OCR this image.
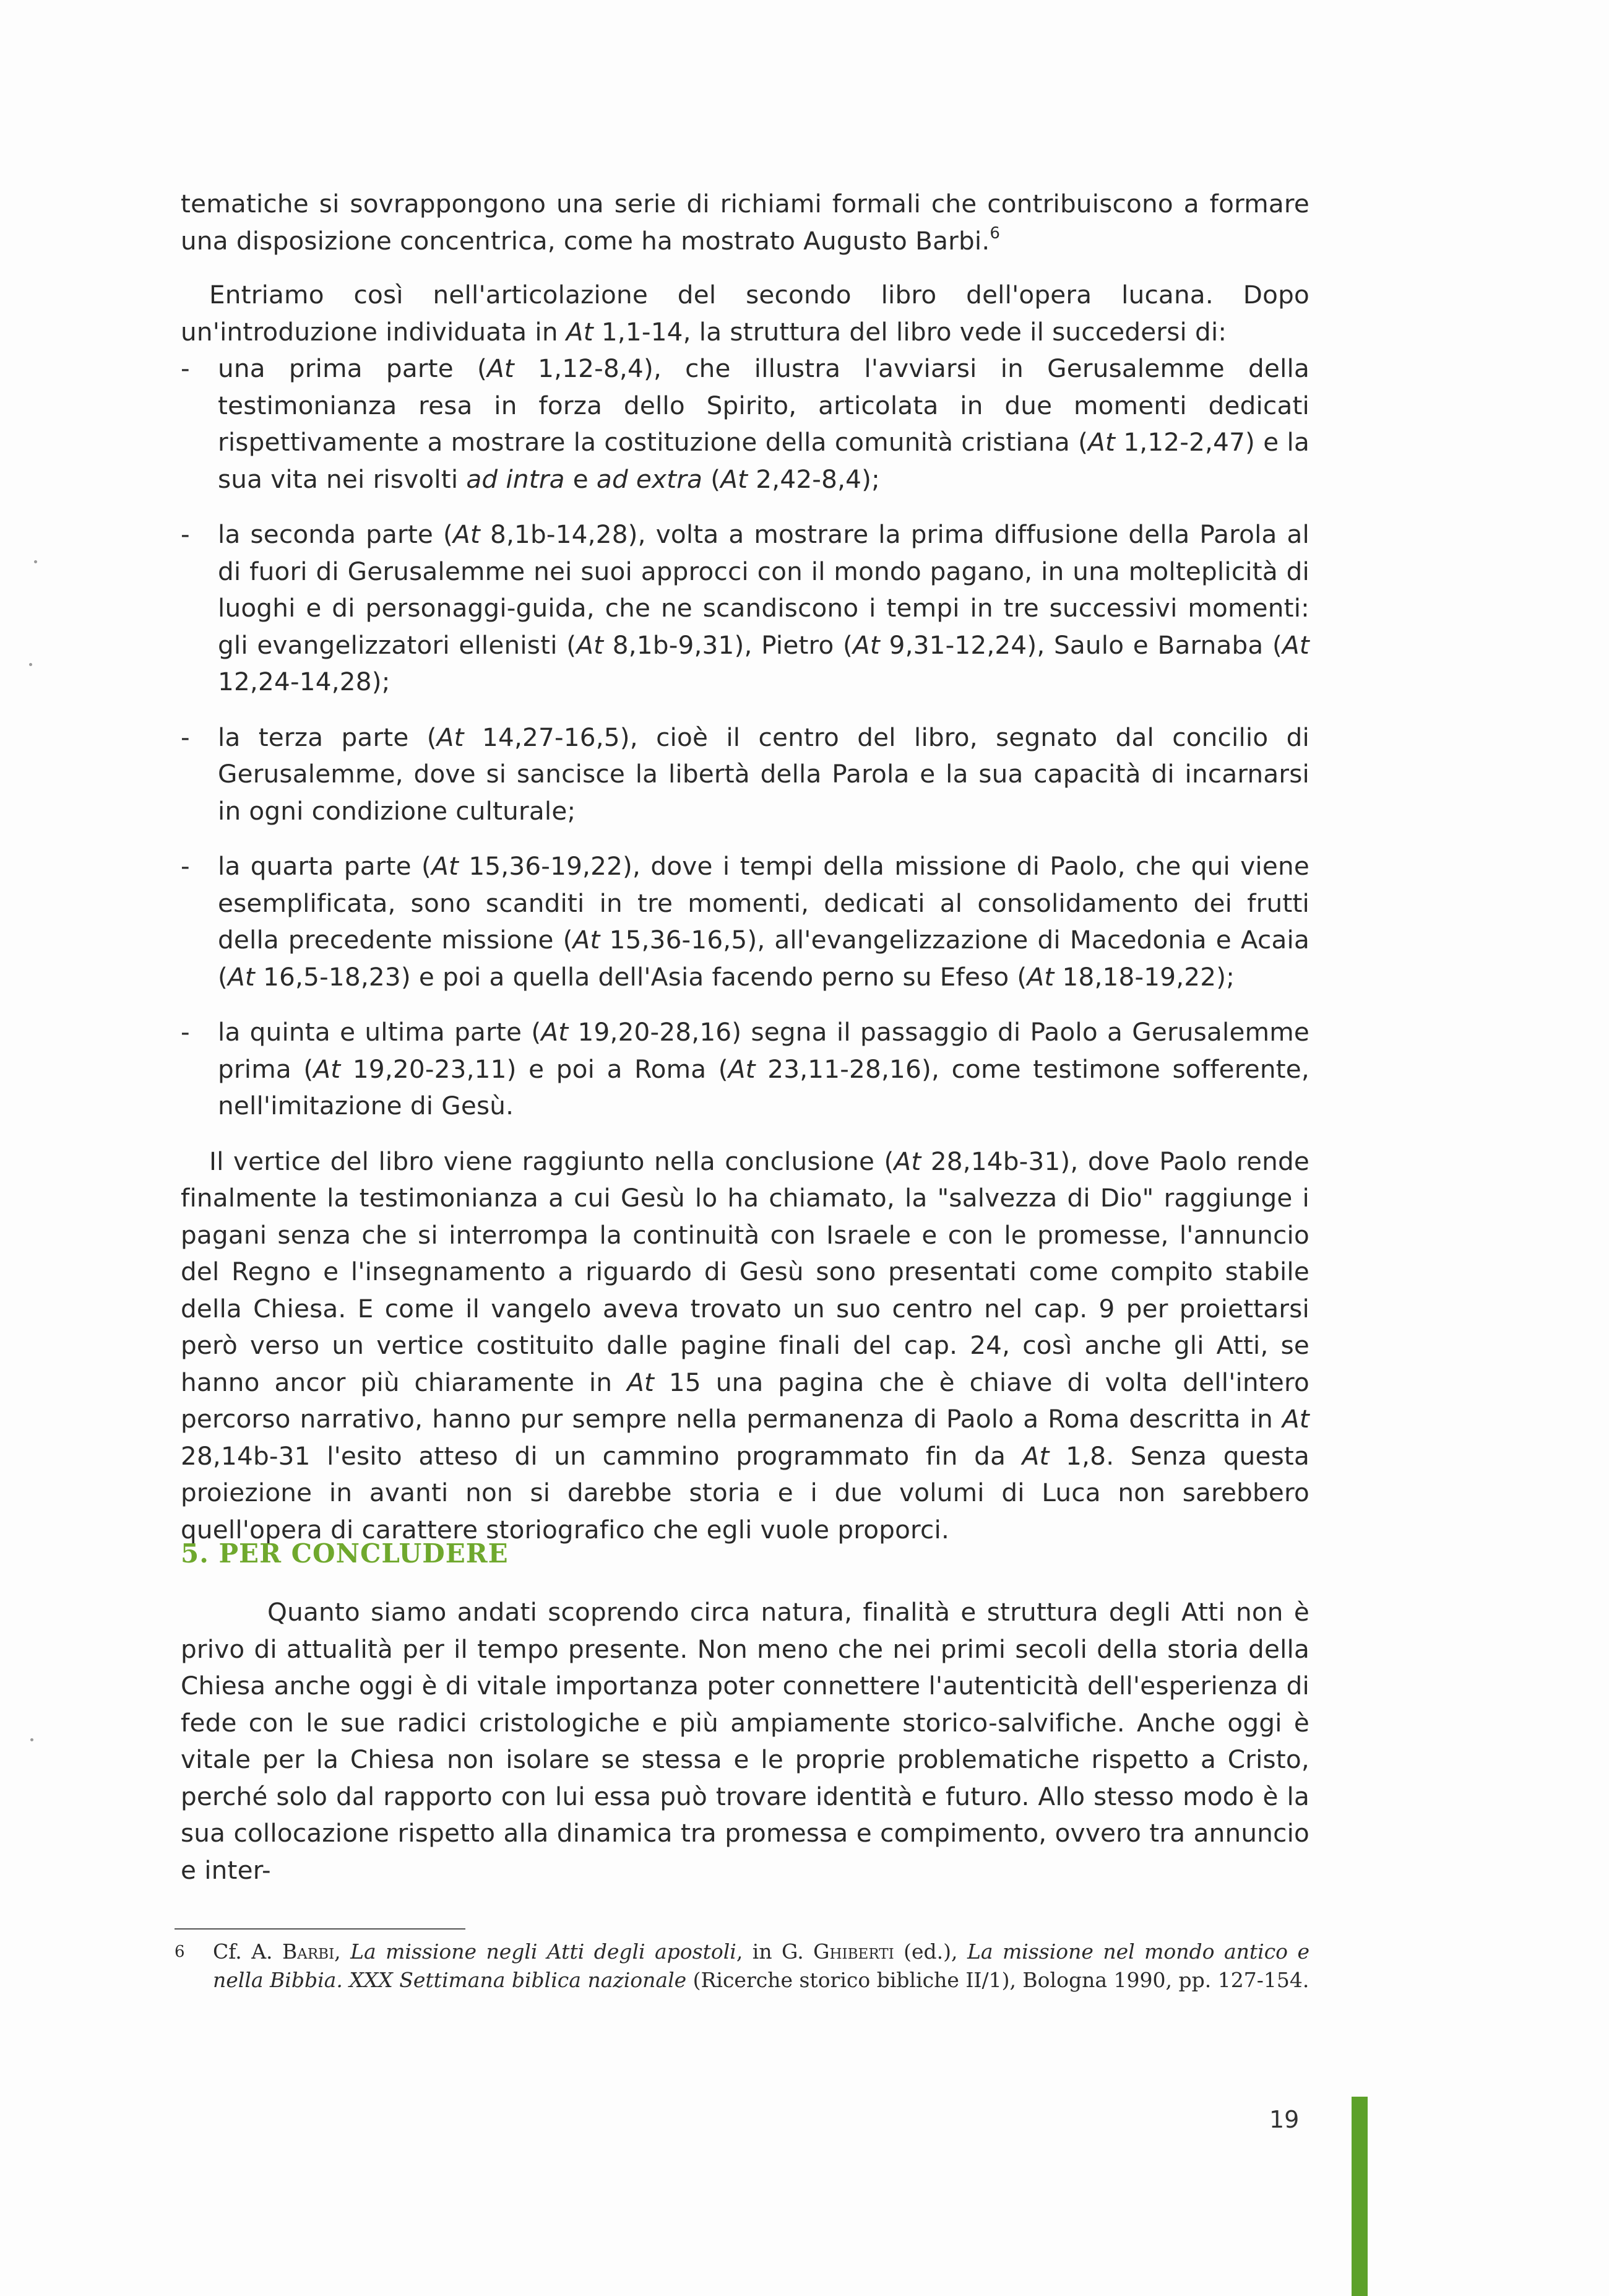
tematiche si sovrappongono una serie di richiami formali che contribuiscono a formare una disposizione concentrica, come ha mostrato Augusto Barbi.$^6$

Entriamo così nell'articolazione del secondo libro dell'opera lucana. Dopo un'introduzione individuata in At 1,1-14, la struttura del libro vede il succedersi di:

- una prima parte (At 1,12-8,4), che illustra l'avviarsi in Gerusalemme della testimonianza resa in forza dello Spirito, articolata in due momenti dedicati rispettivamente a mostrare la costituzione della comunità cristiana (At 1,12-2,47) e la sua vita nei risvolti ad intra e ad extra (At 2,42-8,4);
- la seconda parte (At 8,1b-14,28), volta a mostrare la prima diffusione della Parola al di fuori di Gerusalemme nei suoi approcci con il mondo pagano, in una molteplicità di luoghi e di personaggi-guida, che ne scandiscono i tempi in tre successivi momenti: gli evangelizzatori ellenisti (At 8,1b-9,31), Pietro (At 9,31-12,24), Saulo e Barnaba (At 12,24-14,28);
- la terza parte (At 14,27-16,5), cioè il centro del libro, segnato dal concilio di Gerusalemme, dove si sancisce la libertà della Parola e la sua capacità di incarnarsi in ogni condizione culturale;
- la quarta parte (At 15,36-19,22), dove i tempi della missione di Paolo, che qui viene esemplificata, sono scanditi in tre momenti, dedicati al consolidamento dei frutti della precedente missione (At 15,36-16,5), all'evangelizzazione di Macedonia e Acaia (At 16,5-18,23) e poi a quella dell'Asia facendo perno su Efeso (At 18,18-19,22);
- la quinta e ultima parte (At 19,20-28,16) segna il passaggio di Paolo a Gerusalemme prima (At 19,20-23,11) e poi a Roma (At 23,11-28,16), come testimone sofferente, nell'imitazione di Gesù.

Il vertice del libro viene raggiunto nella conclusione (At 28,14b-31), dove Paolo rende finalmente la testimonianza a cui Gesù lo ha chiamato, la "salvezza di Dio" raggiunge i pagani senza che si interrompa la continuità con Israele e con le promesse, l'annuncio del Regno e l'insegnamento a riguardo di Gesù sono presentati come compito stabile della Chiesa. E come il vangelo aveva trovato un suo centro nel cap. 9 per proiettarsi però verso un vertice costituito dalle pagine finali del cap. 24, così anche gli Atti, se hanno ancor più chiaramente in At 15 una pagina che è chiave di volta dell'intero percorso narrativo, hanno pur sempre nella permanenza di Paolo a Roma descritta in At 28,14b-31 l'esito atteso di un cammino programmato fin da At 1,8. Senza questa proiezione in avanti non si darebbe storia e i due volumi di Luca non sarebbero quell'opera di carattere storiografico che egli vuole proporci.

5. PER CONCLUDERE

Quanto siamo andati scoprendo circa natura, finalità e struttura degli Atti non è privo di attualità per il tempo presente. Non meno che nei primi secoli della storia della Chiesa anche oggi è di vitale importanza poter connettere l'autenticità dell'esperienza di fede con le sue radici cristologiche e più ampiamente storico-salvifiche. Anche oggi è vitale per la Chiesa non isolare se stessa e le proprie problematiche rispetto a Cristo, perché solo dal rapporto con lui essa può trovare identità e futuro. Allo stesso modo è la sua collocazione rispetto alla dinamica tra promessa e compimento, ovvero tra annuncio e inter-

6	Cf. A. Barbi, La missione negli Atti degli apostoli, in G. Ghiberti (ed.), La missione nel mondo antico e nella Bibbia. XXX Settimana biblica nazionale (Ricerche storico bibliche II/1), Bologna 1990, pp. 127-154.
19
